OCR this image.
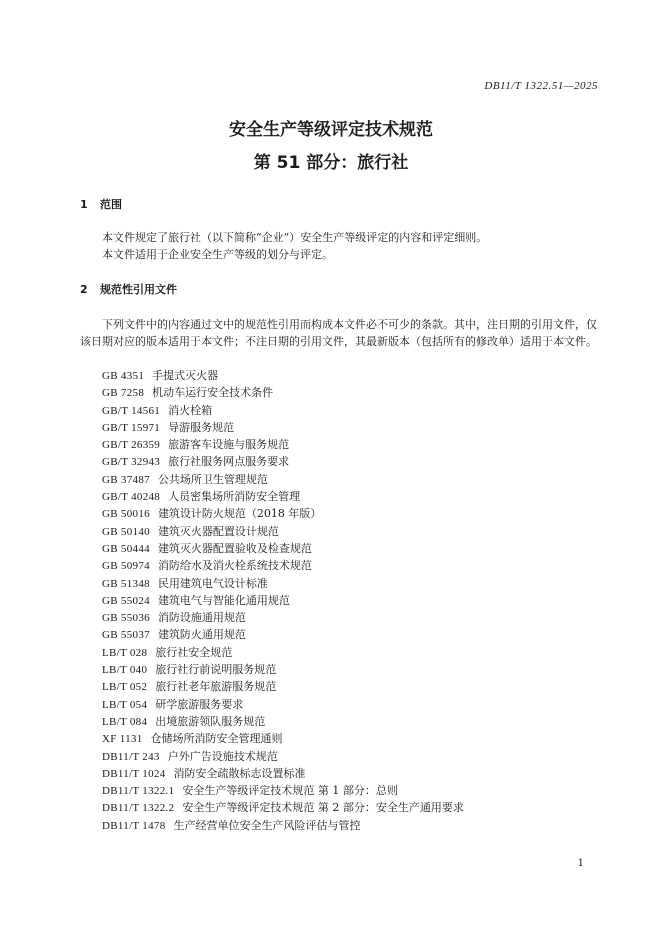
DB11/T 1322.51—2025
安全生产等级评定技术规范
第 51 部分：旅行社
1 范围
本文件规定了旅行社（以下简称“企业”）安全生产等级评定的内容和评定细则。
本文件适用于企业安全生产等级的划分与评定。
2 规范性引用文件
下列文件中的内容通过文中的规范性引用而构成本文件必不可少的条款。其中，注日期的引用文件，仅该日期对应的版本适用于本文件；不注日期的引用文件，其最新版本（包括所有的修改单）适用于本文件。
GB 4351 手提式灭火器
GB 7258 机动车运行安全技术条件
GB/T 14561 消火栓箱
GB/T 15971 导游服务规范
GB/T 26359 旅游客车设施与服务规范
GB/T 32943 旅行社服务网点服务要求
GB 37487 公共场所卫生管理规范
GB/T 40248 人员密集场所消防安全管理
GB 50016 建筑设计防火规范（2018 年版）
GB 50140 建筑灭火器配置设计规范
GB 50444 建筑灭火器配置验收及检查规范
GB 50974 消防给水及消火栓系统技术规范
GB 51348 民用建筑电气设计标准
GB 55024 建筑电气与智能化通用规范
GB 55036 消防设施通用规范
GB 55037 建筑防火通用规范
LB/T 028 旅行社安全规范
LB/T 040 旅行社行前说明服务规范
LB/T 052 旅行社老年旅游服务规范
LB/T 054 研学旅游服务要求
LB/T 084 出境旅游领队服务规范
XF 1131 仓储场所消防安全管理通则
DB11/T 243 户外广告设施技术规范
DB11/T 1024 消防安全疏散标志设置标准
DB11/T 1322.1 安全生产等级评定技术规范 第 1 部分：总则
DB11/T 1322.2 安全生产等级评定技术规范 第 2 部分：安全生产通用要求
DB11/T 1478 生产经营单位安全生产风险评估与管控
1
